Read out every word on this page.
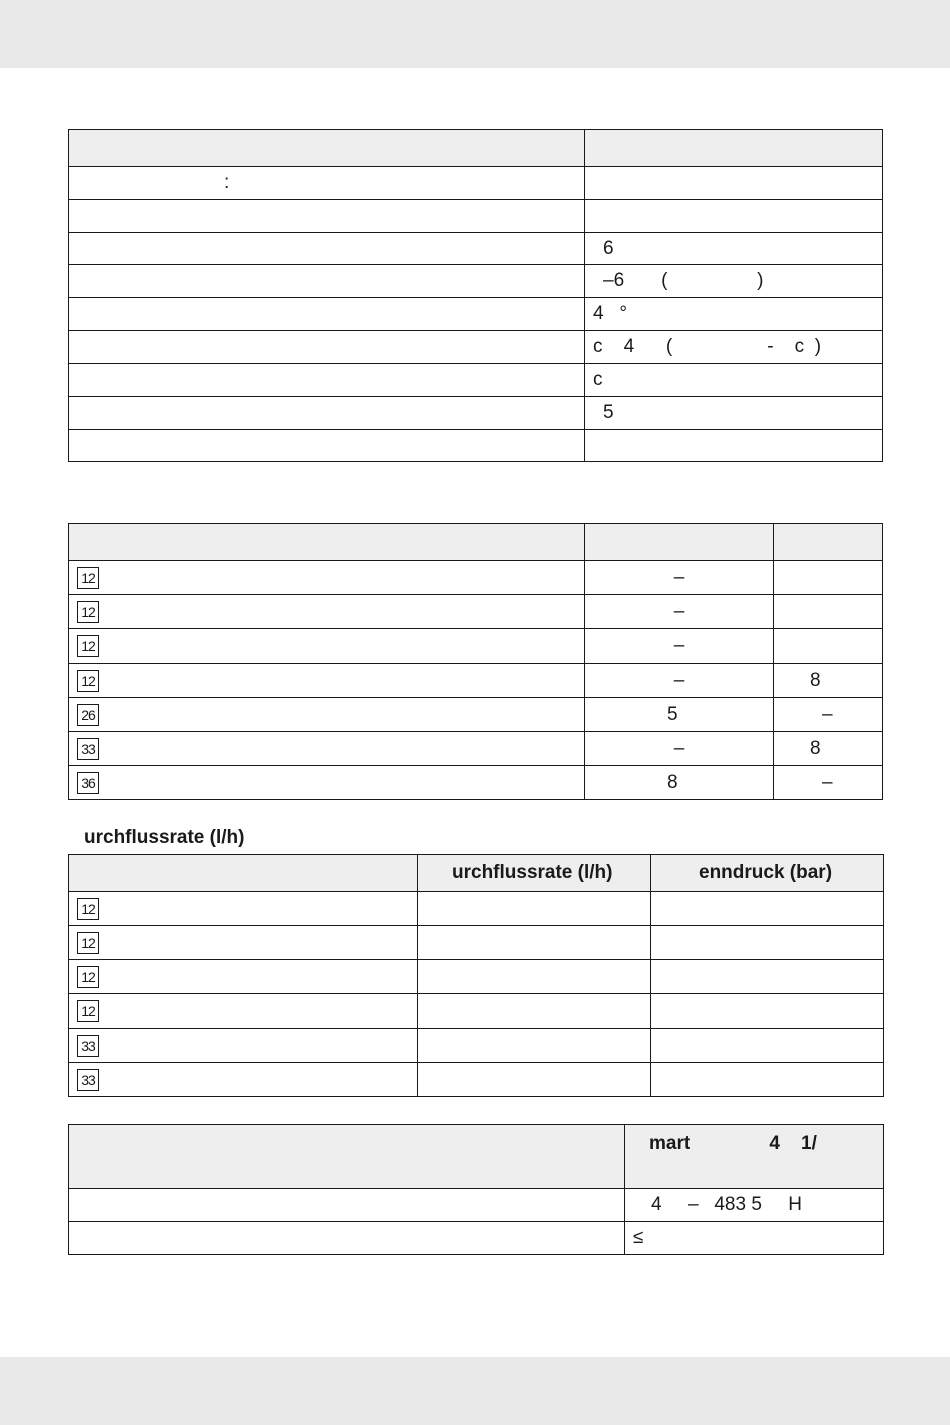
:	

	6
	–6       (                 )
	4   °
	c    4      (                  -    c  )
	c
	5

12	–	
12	–	
12	–	
12	–	8
26	5	–
33	–	8
36	8	–
urchflussrate (l/h)
	urchflussrate (l/h)	enndruck (bar)
12		
12		
12		
12		
33		
33		
	mart               4    1/
	4     –   483 5     H
	≤
